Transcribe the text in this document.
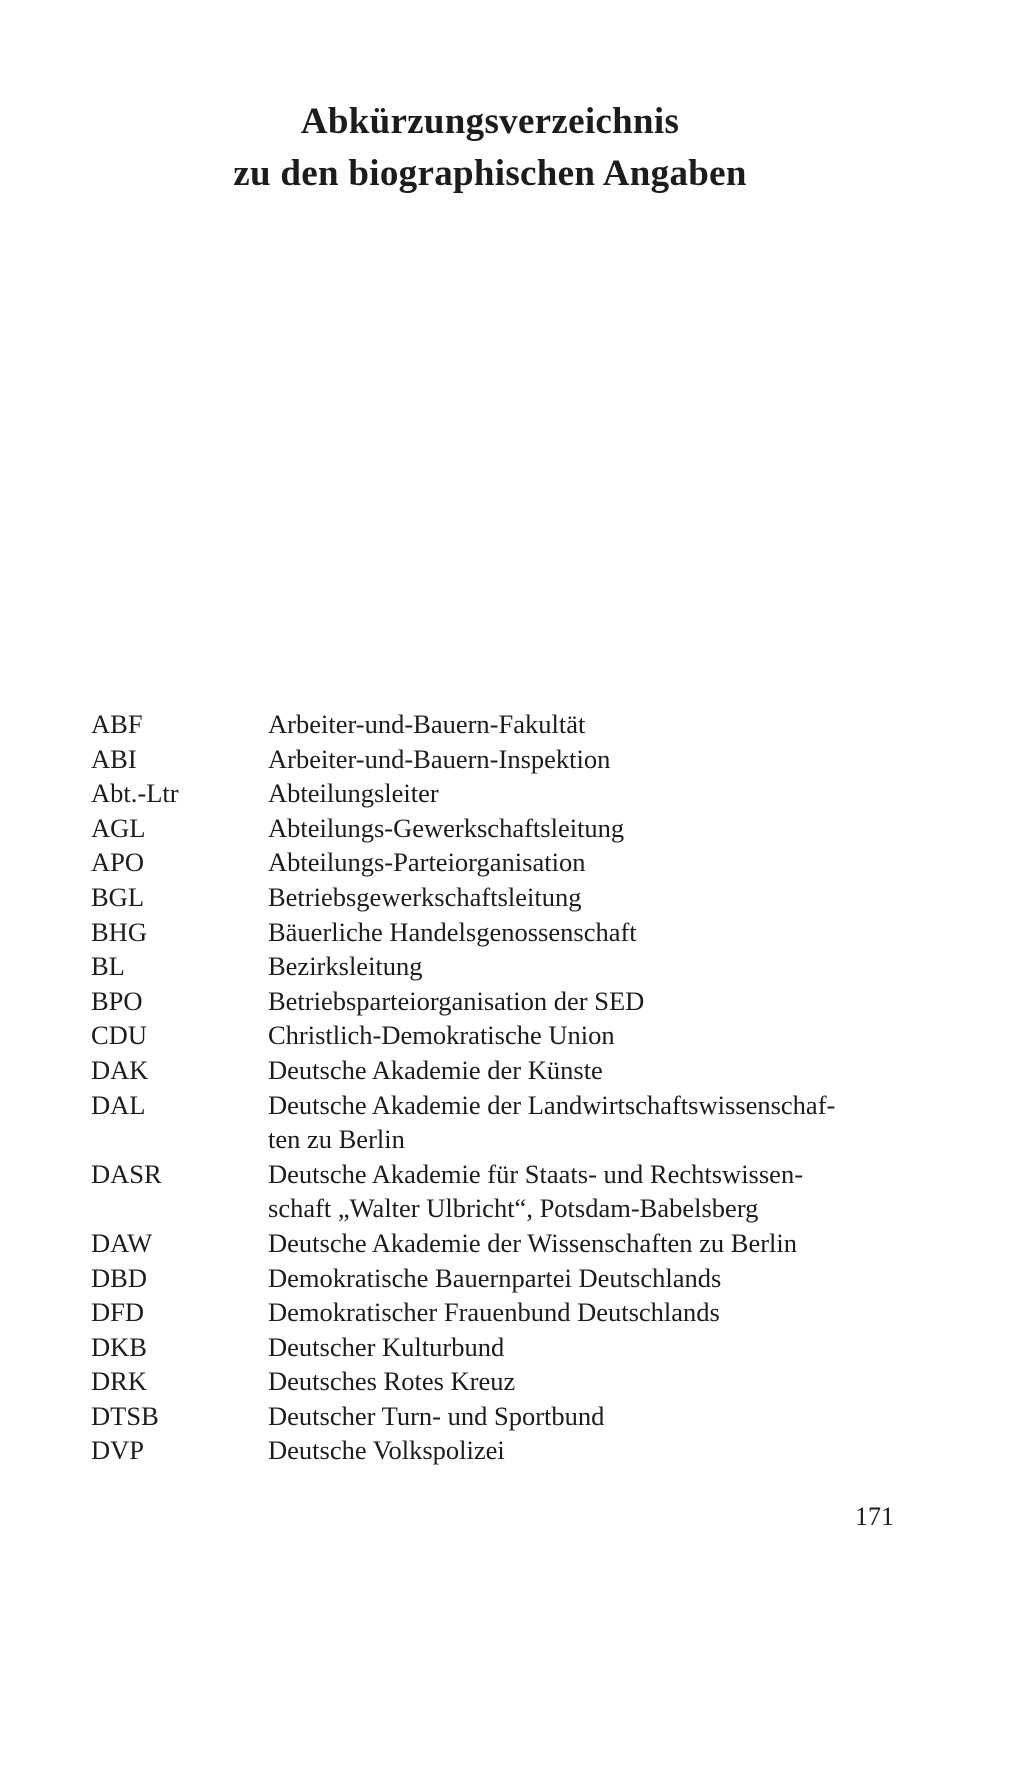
Abkürzungsverzeichnis
zu den biographischen Angaben
ABF	Arbeiter-und-Bauern-Fakultät
ABI	Arbeiter-und-Bauern-Inspektion
Abt.-Ltr	Abteilungsleiter
AGL	Abteilungs-Gewerkschaftsleitung
APO	Abteilungs-Parteiorganisation
BGL	Betriebsgewerkschaftsleitung
BHG	Bäuerliche Handelsgenossenschaft
BL	Bezirksleitung
BPO	Betriebsparteiorganisation der SED
CDU	Christlich-Demokratische Union
DAK	Deutsche Akademie der Künste
DAL	Deutsche Akademie der Landwirtschaftswissenschaf-
ten zu Berlin
DASR	Deutsche Akademie für Staats- und Rechtswissen-
schaft „Walter Ulbricht“, Potsdam-Babelsberg
DAW	Deutsche Akademie der Wissenschaften zu Berlin
DBD	Demokratische Bauernpartei Deutschlands
DFD	Demokratischer Frauenbund Deutschlands
DKB	Deutscher Kulturbund
DRK	Deutsches Rotes Kreuz
DTSB	Deutscher Turn- und Sportbund
DVP	Deutsche Volkspolizei
171
